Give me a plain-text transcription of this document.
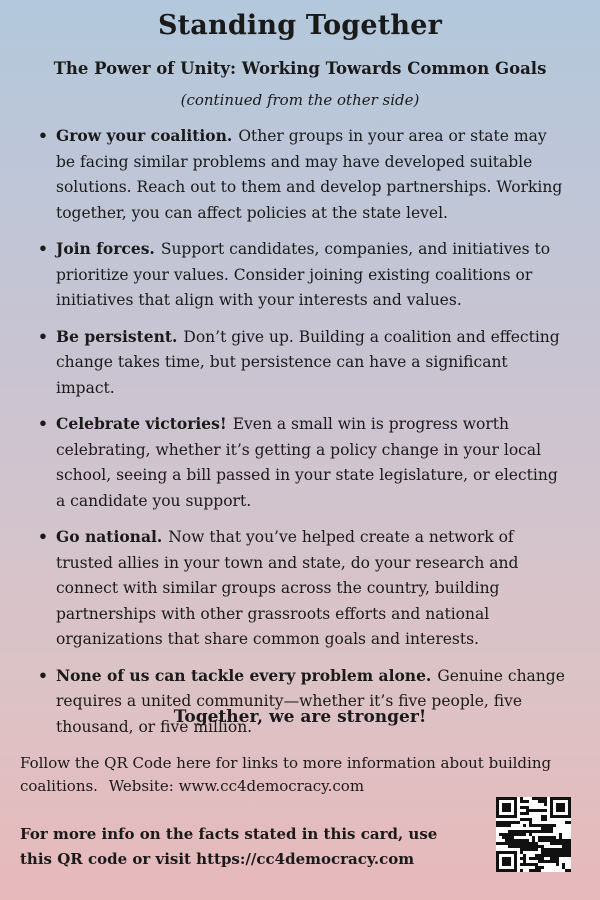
Standing Together
The Power of Unity: Working Towards Common Goals
(continued from the other side)
• Grow your coalition. Other groups in your area or state may be facing similar problems and may have developed suitable solutions. Reach out to them and develop partnerships. Working together, you can affect policies at the state level.
• Join forces. Support candidates, companies, and initiatives to prioritize your values. Consider joining existing coalitions or initiatives that align with your interests and values.
• Be persistent. Don’t give up. Building a coalition and effecting change takes time, but persistence can have a significant impact.
• Celebrate victories! Even a small win is progress worth celebrating, whether it’s getting a policy change in your local school, seeing a bill passed in your state legislature, or electing a candidate you support.
• Go national. Now that you’ve helped create a network of trusted allies in your town and state, do your research and connect with similar groups across the country, building partnerships with other grassroots efforts and national organizations that share common goals and interests.
• None of us can tackle every problem alone. Genuine change requires a united community—whether it’s five people, five thousand, or five million.
Together, we are stronger!
Follow the QR Code here for links to more information about building coalitions. Website: www.cc4democracy.com
For more info on the facts stated in this card, use this QR code or visit https://cc4democracy.com
